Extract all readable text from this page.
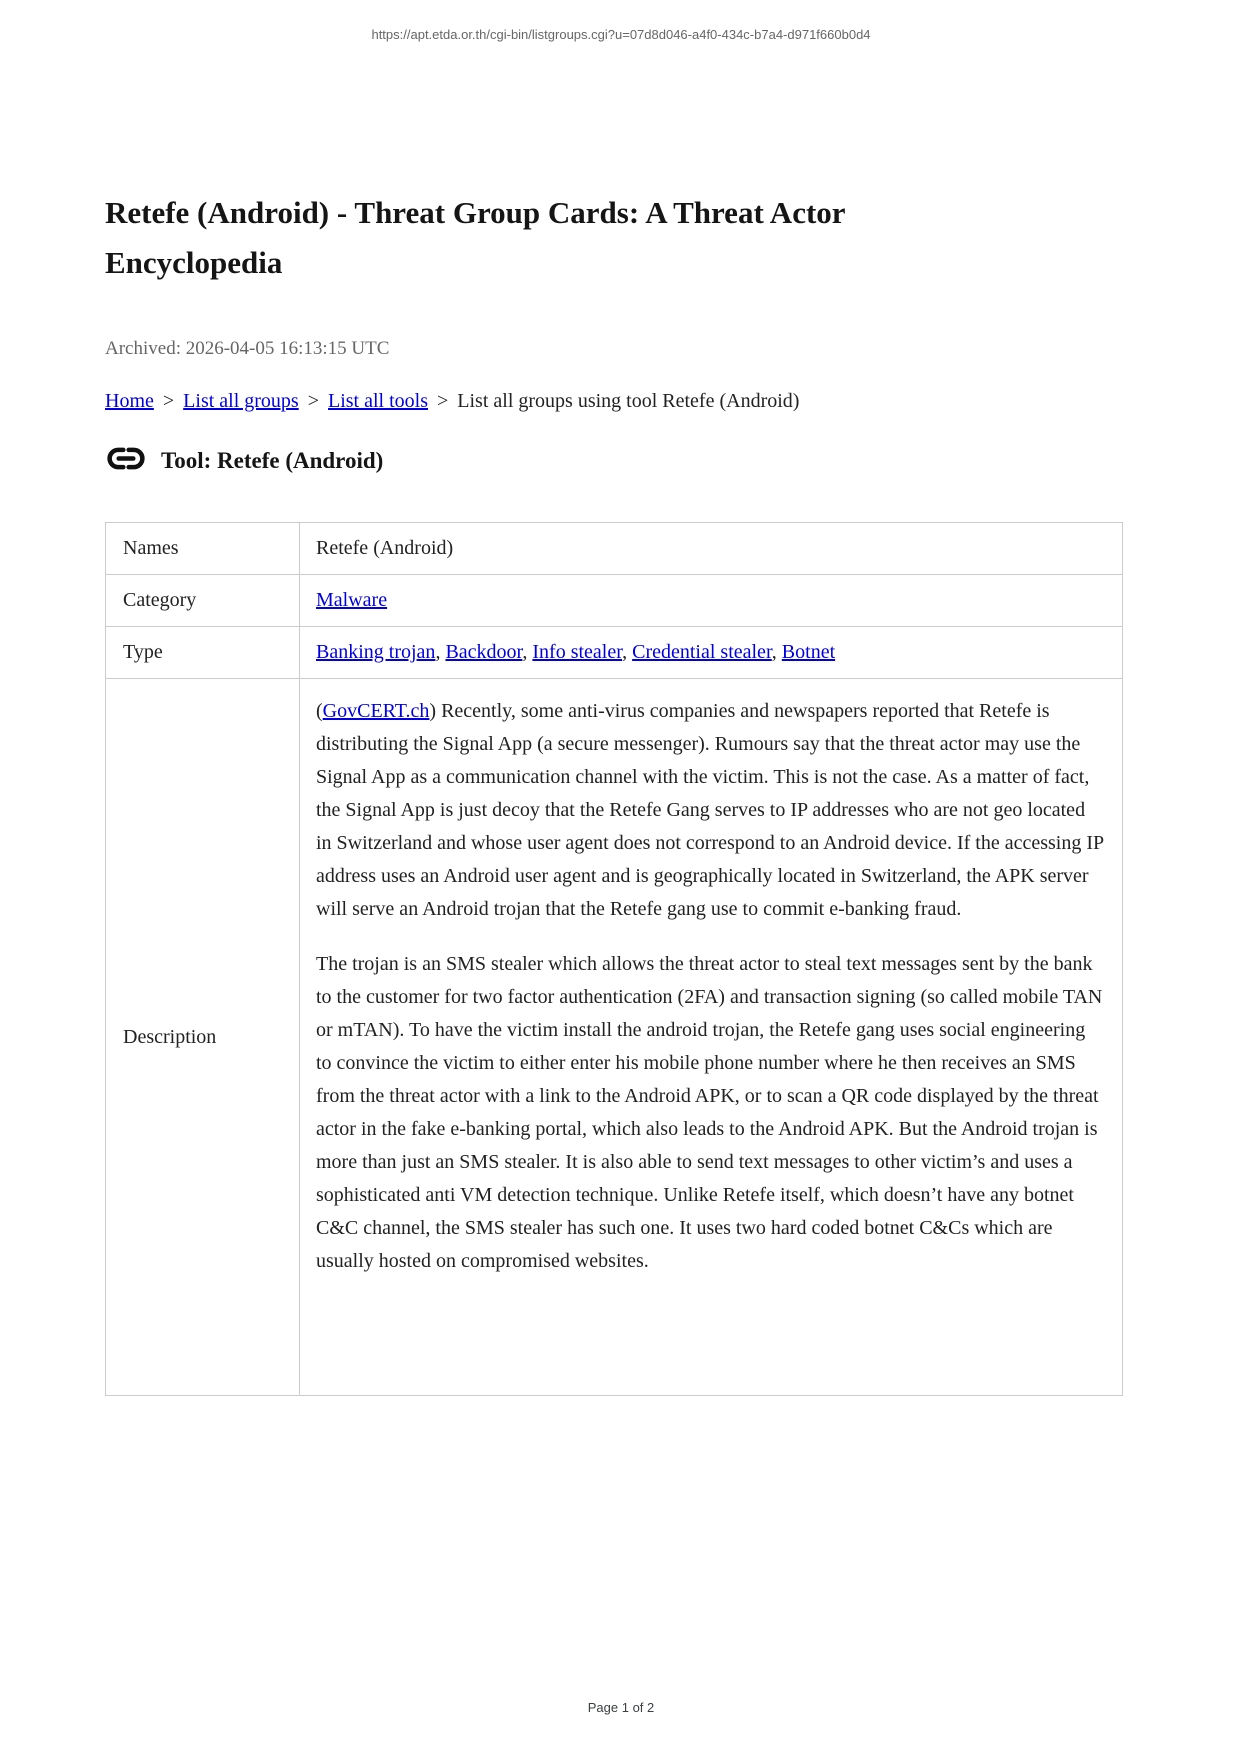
https://apt.etda.or.th/cgi-bin/listgroups.cgi?u=07d8d046-a4f0-434c-b7a4-d971f660b0d4
Retefe (Android) - Threat Group Cards: A Threat Actor Encyclopedia
Archived: 2026-04-05 16:13:15 UTC
Home > List all groups > List all tools > List all groups using tool Retefe (Android)
Tool: Retefe (Android)
Names	Retefe (Android)
Category	Malware
Type	Banking trojan, Backdoor, Info stealer, Credential stealer, Botnet
Description	(GovCERT.ch) Recently, some anti-virus companies and newspapers reported that Retefe is distributing the Signal App (a secure messenger). Rumours say that the threat actor may use the Signal App as a communication channel with the victim. This is not the case. As a matter of fact, the Signal App is just decoy that the Retefe Gang serves to IP addresses who are not geo located in Switzerland and whose user agent does not correspond to an Android device. If the accessing IP address uses an Android user agent and is geographically located in Switzerland, the APK server will serve an Android trojan that the Retefe gang use to commit e-banking fraud.

The trojan is an SMS stealer which allows the threat actor to steal text messages sent by the bank to the customer for two factor authentication (2FA) and transaction signing (so called mobile TAN or mTAN). To have the victim install the android trojan, the Retefe gang uses social engineering to convince the victim to either enter his mobile phone number where he then receives an SMS from the threat actor with a link to the Android APK, or to scan a QR code displayed by the threat actor in the fake e-banking portal, which also leads to the Android APK. But the Android trojan is more than just an SMS stealer. It is also able to send text messages to other victim’s and uses a sophisticated anti VM detection technique. Unlike Retefe itself, which doesn’t have any botnet C&C channel, the SMS stealer has such one. It uses two hard coded botnet C&Cs which are usually hosted on compromised websites.

Page 1 of 2
